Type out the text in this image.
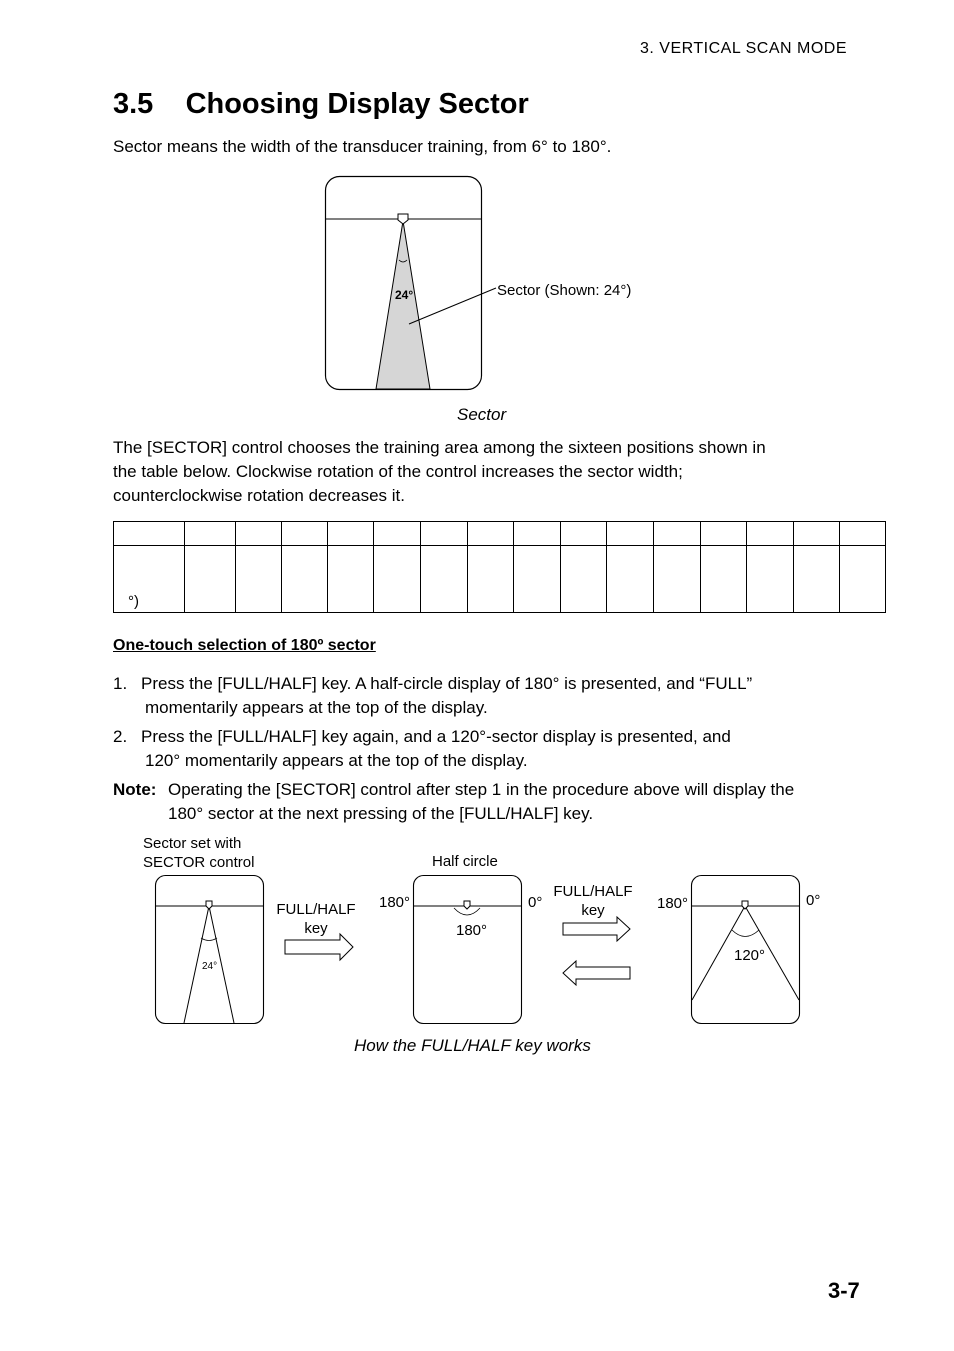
3. VERTICAL SCAN MODE
3.5 Choosing Display Sector
Sector means the width of the transducer training, from 6° to 180°.
24°	Sector (Shown: 24°)
Sector
The [SECTOR] control chooses the training area among the sixteen positions shown in
the table below. Clockwise rotation of the control increases the sector width;
counterclockwise rotation decreases it.

°)															
One-touch selection of 180º sector
1. Press the [FULL/HALF] key. A half-circle display of 180° is presented, and “FULL”
momentarily appears at the top of the display.
2. Press the [FULL/HALF] key again, and a 120°-sector display is presented, and
120° momentarily appears at the top of the display.
Note: Operating the [SECTOR] control after step 1 in the procedure above will display the
180° sector at the next pressing of the [FULL/HALF] key.
Sector set with
SECTOR control	Half circle
24°
FULL/HALF
key
180°	0°
180°
FULL/HALF
key	180°	0°
120°
How the FULL/HALF key works
3-7
